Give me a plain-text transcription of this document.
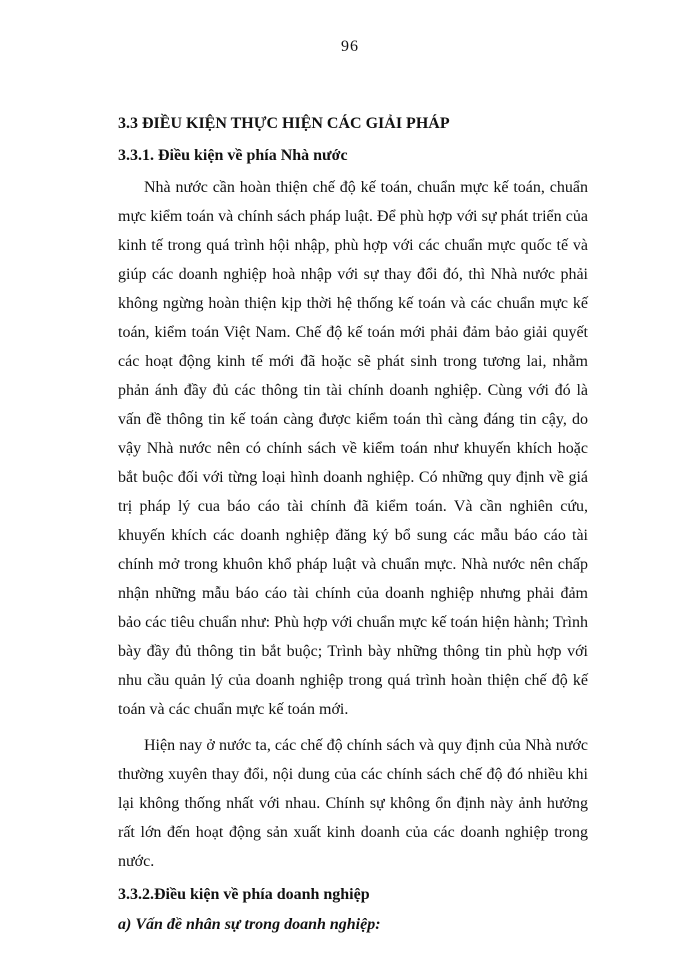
96
3.3 ĐIỀU KIỆN THỰC HIỆN CÁC GIẢI PHÁP
3.3.1. Điều kiện về phía Nhà nước

Nhà nước cần hoàn thiện chế độ kế toán, chuẩn mực kế toán, chuẩn mực kiểm toán và chính sách pháp luật. Để phù hợp với sự phát triển của kinh tế trong quá trình hội nhập, phù hợp với các chuẩn mực quốc tế và giúp các doanh nghiệp hoà nhập với sự thay đổi đó, thì Nhà nước phải không ngừng hoàn thiện kịp thời hệ thống kế toán và các chuẩn mực kế toán, kiểm toán Việt Nam. Chế độ kế toán mới phải đảm bảo giải quyết các hoạt động kinh tế mới đã hoặc sẽ phát sinh trong tương lai, nhằm phản ánh đầy đủ các thông tin tài chính doanh nghiệp. Cùng với đó là vấn đề thông tin kế toán càng được kiểm toán thì càng đáng tin cậy, do vậy Nhà nước nên có chính sách về kiểm toán như khuyến khích hoặc bắt buộc đối với từng loại hình doanh nghiệp. Có những quy định về giá trị pháp lý cua báo cáo tài chính đã kiểm toán. Và cần nghiên cứu, khuyến khích các doanh nghiệp đăng ký bổ sung các mẫu báo cáo tài chính mở trong khuôn khổ pháp luật và chuẩn mực. Nhà nước nên chấp nhận những mẫu báo cáo tài chính của doanh nghiệp nhưng phải đảm bảo các tiêu chuẩn như: Phù hợp với chuẩn mực kế toán hiện hành; Trình bày đầy đủ thông tin bắt buộc; Trình bày những thông tin phù hợp với nhu cầu quản lý của doanh nghiệp trong quá trình hoàn thiện chế độ kế toán và các chuẩn mực kế toán mới.

Hiện nay ở nước ta, các chế độ chính sách và quy định của Nhà nước thường xuyên thay đổi, nội dung của các chính sách chế độ đó nhiều khi lại không thống nhất với nhau. Chính sự không ổn định này ảnh hưởng rất lớn đến hoạt động sản xuất kinh doanh của các doanh nghiệp trong nước.

3.3.2.Điều kiện về phía doanh nghiệp
a) Vấn đề nhân sự trong doanh nghiệp:
